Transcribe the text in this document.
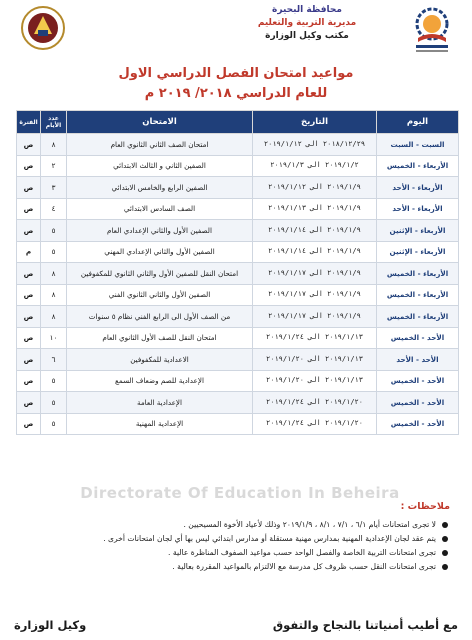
محافظة البحيرة
مديرية التربية والتعليم
مكتب وكيل الوزارة
مواعيد امتحان الفصل الدراسي الاول
للعام الدراسي ٢٠١٨/ ٢٠١٩ م
اليوم	التاريخ	الامتحان	عدد الأيام	الفترة
السبت - السبت	٢٠١٨/١٢/٢٩ الى ٢٠١٩/١/١٢	امتحان الصف الثاني الثانوي العام	٨	ص
الأربعاء - الخميس	٢٠١٩/١/٢ الى ٢٠١٩/١/٣	الصفين الثاني و الثالث الابتدائي	٢	ص
الأربعاء - الأحد	٢٠١٩/١/٩ الى ٢٠١٩/١/١٢	الصفين الرابع والخامس الابتدائي	٣	ص
الأربعاء - الأحد	٢٠١٩/١/٩ الى ٢٠١٩/١/١٣	الصف السادس الابتدائي	٤	ص
الأربعاء - الإثنين	٢٠١٩/١/٩ الى ٢٠١٩/١/١٤	الصفين الأول والثاني الإعدادي العام	٥	ص
الأربعاء - الإثنين	٢٠١٩/١/٩ الى ٢٠١٩/١/١٤	الصفين الأول والثاني الإعدادي المهني	٥	م
الأربعاء - الخميس	٢٠١٩/١/٩ الى ٢٠١٩/١/١٧	امتحان النقل للصفين الأول والثاني الثانوي للمكفوفين	٨	ص
الأربعاء - الخميس	٢٠١٩/١/٩ الى ٢٠١٩/١/١٧	الصفين الأول والثاني الثانوي الفني	٨	ص
الأربعاء - الخميس	٢٠١٩/١/٩ الى ٢٠١٩/١/١٧	من الصف الأول الى الرابع الفني نظام ٥ سنوات	٨	ص
الأحد - الخميس	٢٠١٩/١/١٣ الى ٢٠١٩/١/٢٤	امتحان النقل للصف الأول الثانوي العام	١٠	ص
الأحد - الأحد	٢٠١٩/١/١٣ الى ٢٠١٩/١/٢٠	الاعدادية للمكفوفين	٦	ص
الأحد - الخميس	٢٠١٩/١/١٣ الى ٢٠١٩/١/٢٠	الإعدادية للصم وضعاف السمع	٥	ص
الأحد - الخميس	٢٠١٩/١/٢٠ الى ٢٠١٩/١/٢٤	الإعدادية العامة	٥	ص
الأحد - الخميس	٢٠١٩/١/٢٠ الى ٢٠١٩/١/٢٤	الإعدادية المهنية	٥	ص
Directorate Of Education In Beheira
ملاحظات :
لا تجرى امتحانات أيام ٦/١ ، ٧/١ ، ٨/١ ، ٢٠١٩/١/٩ وذلك لأعياد الأخوة المسيحيين .
يتم عقد لجان الإعدادية المهنية بمدارس مهنية مستقلة أو مدارس ابتدائي ليس بها أي لجان امتحانات أخرى .
تجرى امتحانات التربية الخاصة والفصل الواحد حسب مواعيد الصفوف المناظرة عالية .
تجرى امتحانات النقل حسب ظروف كل مدرسة مع الالتزام بالمواعيد المقررة بعالية .
مع أطيب أمنياتنا بالنجاح والتفوق
وكيل الوزارة
